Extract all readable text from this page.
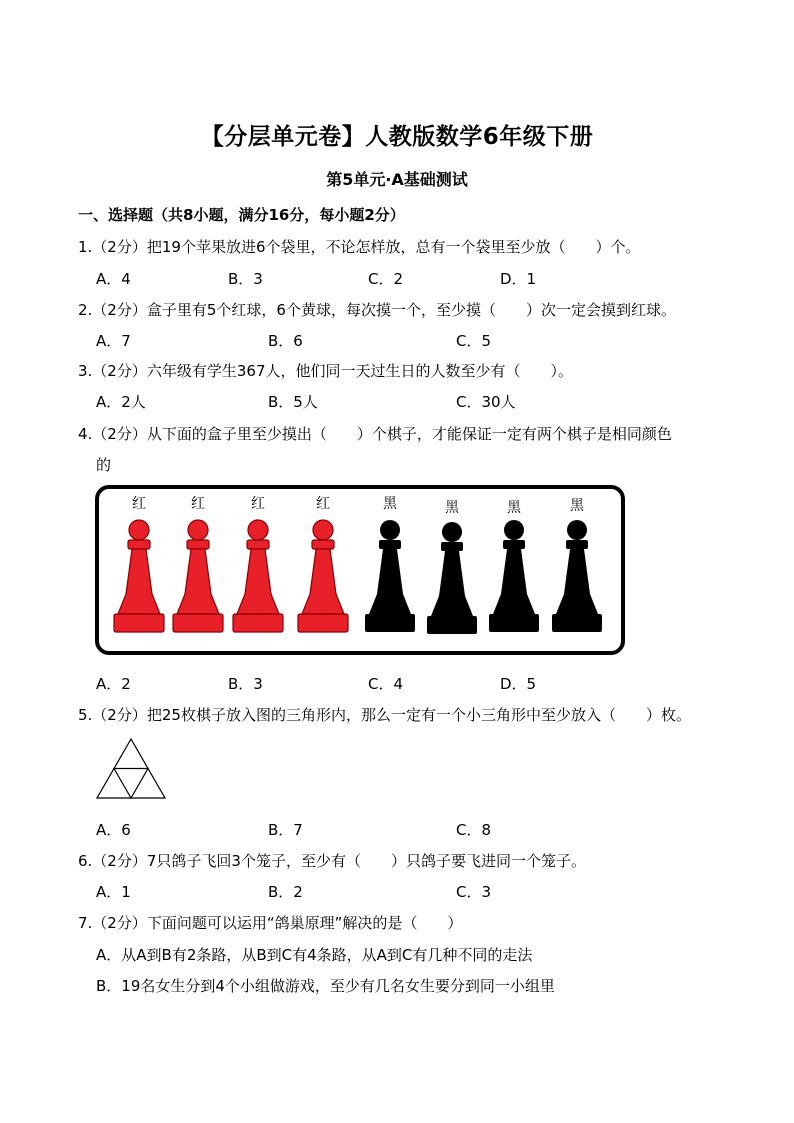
【分层单元卷】人教版数学6年级下册
第5单元·A基础测试
一、选择题（共8小题，满分16分，每小题2分）
1.（2分）把19个苹果放进6个袋里，不论怎样放，总有一个袋里至少放（　　）个。
A．4	B．3	C．2	D．1
2.（2分）盒子里有5个红球，6个黄球，每次摸一个，至少摸（　　）次一定会摸到红球。
A．7	B．6	C．5
3.（2分）六年级有学生367人，他们同一天过生日的人数至少有（　　）。
A．2人	B．5人	C．30人
4.（2分）从下面的盒子里至少摸出（　　）个棋子，才能保证一定有两个棋子是相同颜色
的
红	红	红	红	黑	黑	黑	黑
A．2	B．3	C．4	D．5
5.（2分）把25枚棋子放入图的三角形内，那么一定有一个小三角形中至少放入（　　）枚。
A．6	B．7	C．8
6.（2分）7只鸽子飞回3个笼子，至少有（　　）只鸽子要飞进同一个笼子。
A．1	B．2	C．3
7.（2分）下面问题可以运用“鸽巢原理”解决的是（　　）
A．从A到B有2条路，从B到C有4条路，从A到C有几种不同的走法
B．19名女生分到4个小组做游戏，至少有几名女生要分到同一小组里
